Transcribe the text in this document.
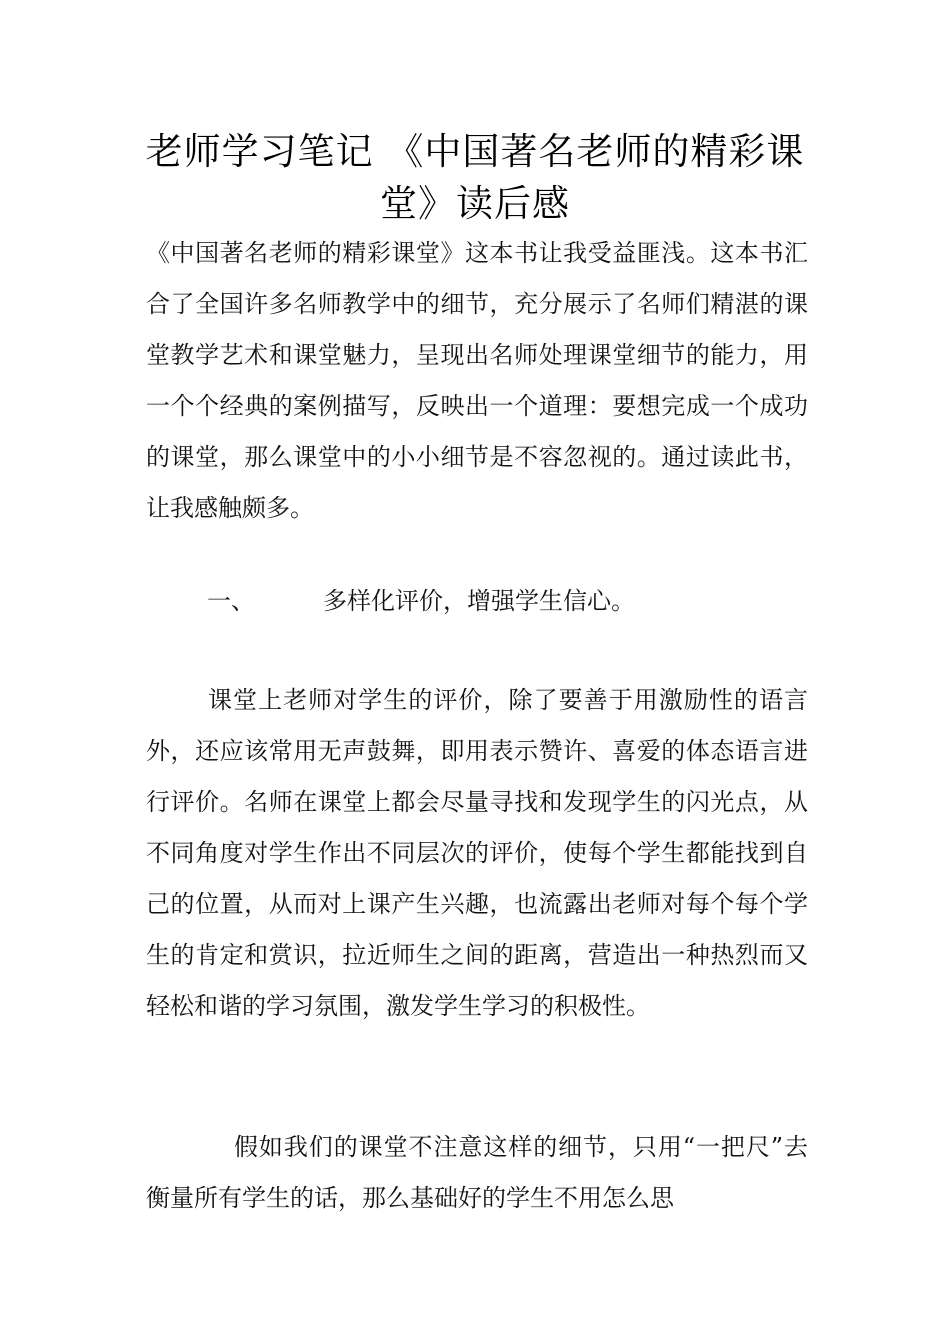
老师学习笔记 《中国著名老师的精彩课堂》读后感

《中国著名老师的精彩课堂》这本书让我受益匪浅。这本书汇合了全国许多名师教学中的细节，充分展示了名师们精湛的课堂教学艺术和课堂魅力，呈现出名师处理课堂细节的能力，用一个个经典的案例描写，反映出一个道理：要想完成一个成功的课堂，那么课堂中的小小细节是不容忽视的。通过读此书，让我感触颇多。

一、	多样化评价，增强学生信心。

课堂上老师对学生的评价，除了要善于用激励性的语言外，还应该常用无声鼓舞，即用表示赞许、喜爱的体态语言进行评价。名师在课堂上都会尽量寻找和发现学生的闪光点，从不同角度对学生作出不同层次的评价，使每个学生都能找到自己的位置，从而对上课产生兴趣，也流露出老师对每个每个学生的肯定和赏识，拉近师生之间的距离，营造出一种热烈而又轻松和谐的学习氛围，激发学生学习的积极性。

假如我们的课堂不注意这样的细节，只用“一把尺”去衡量所有学生的话，那么基础好的学生不用怎么思
